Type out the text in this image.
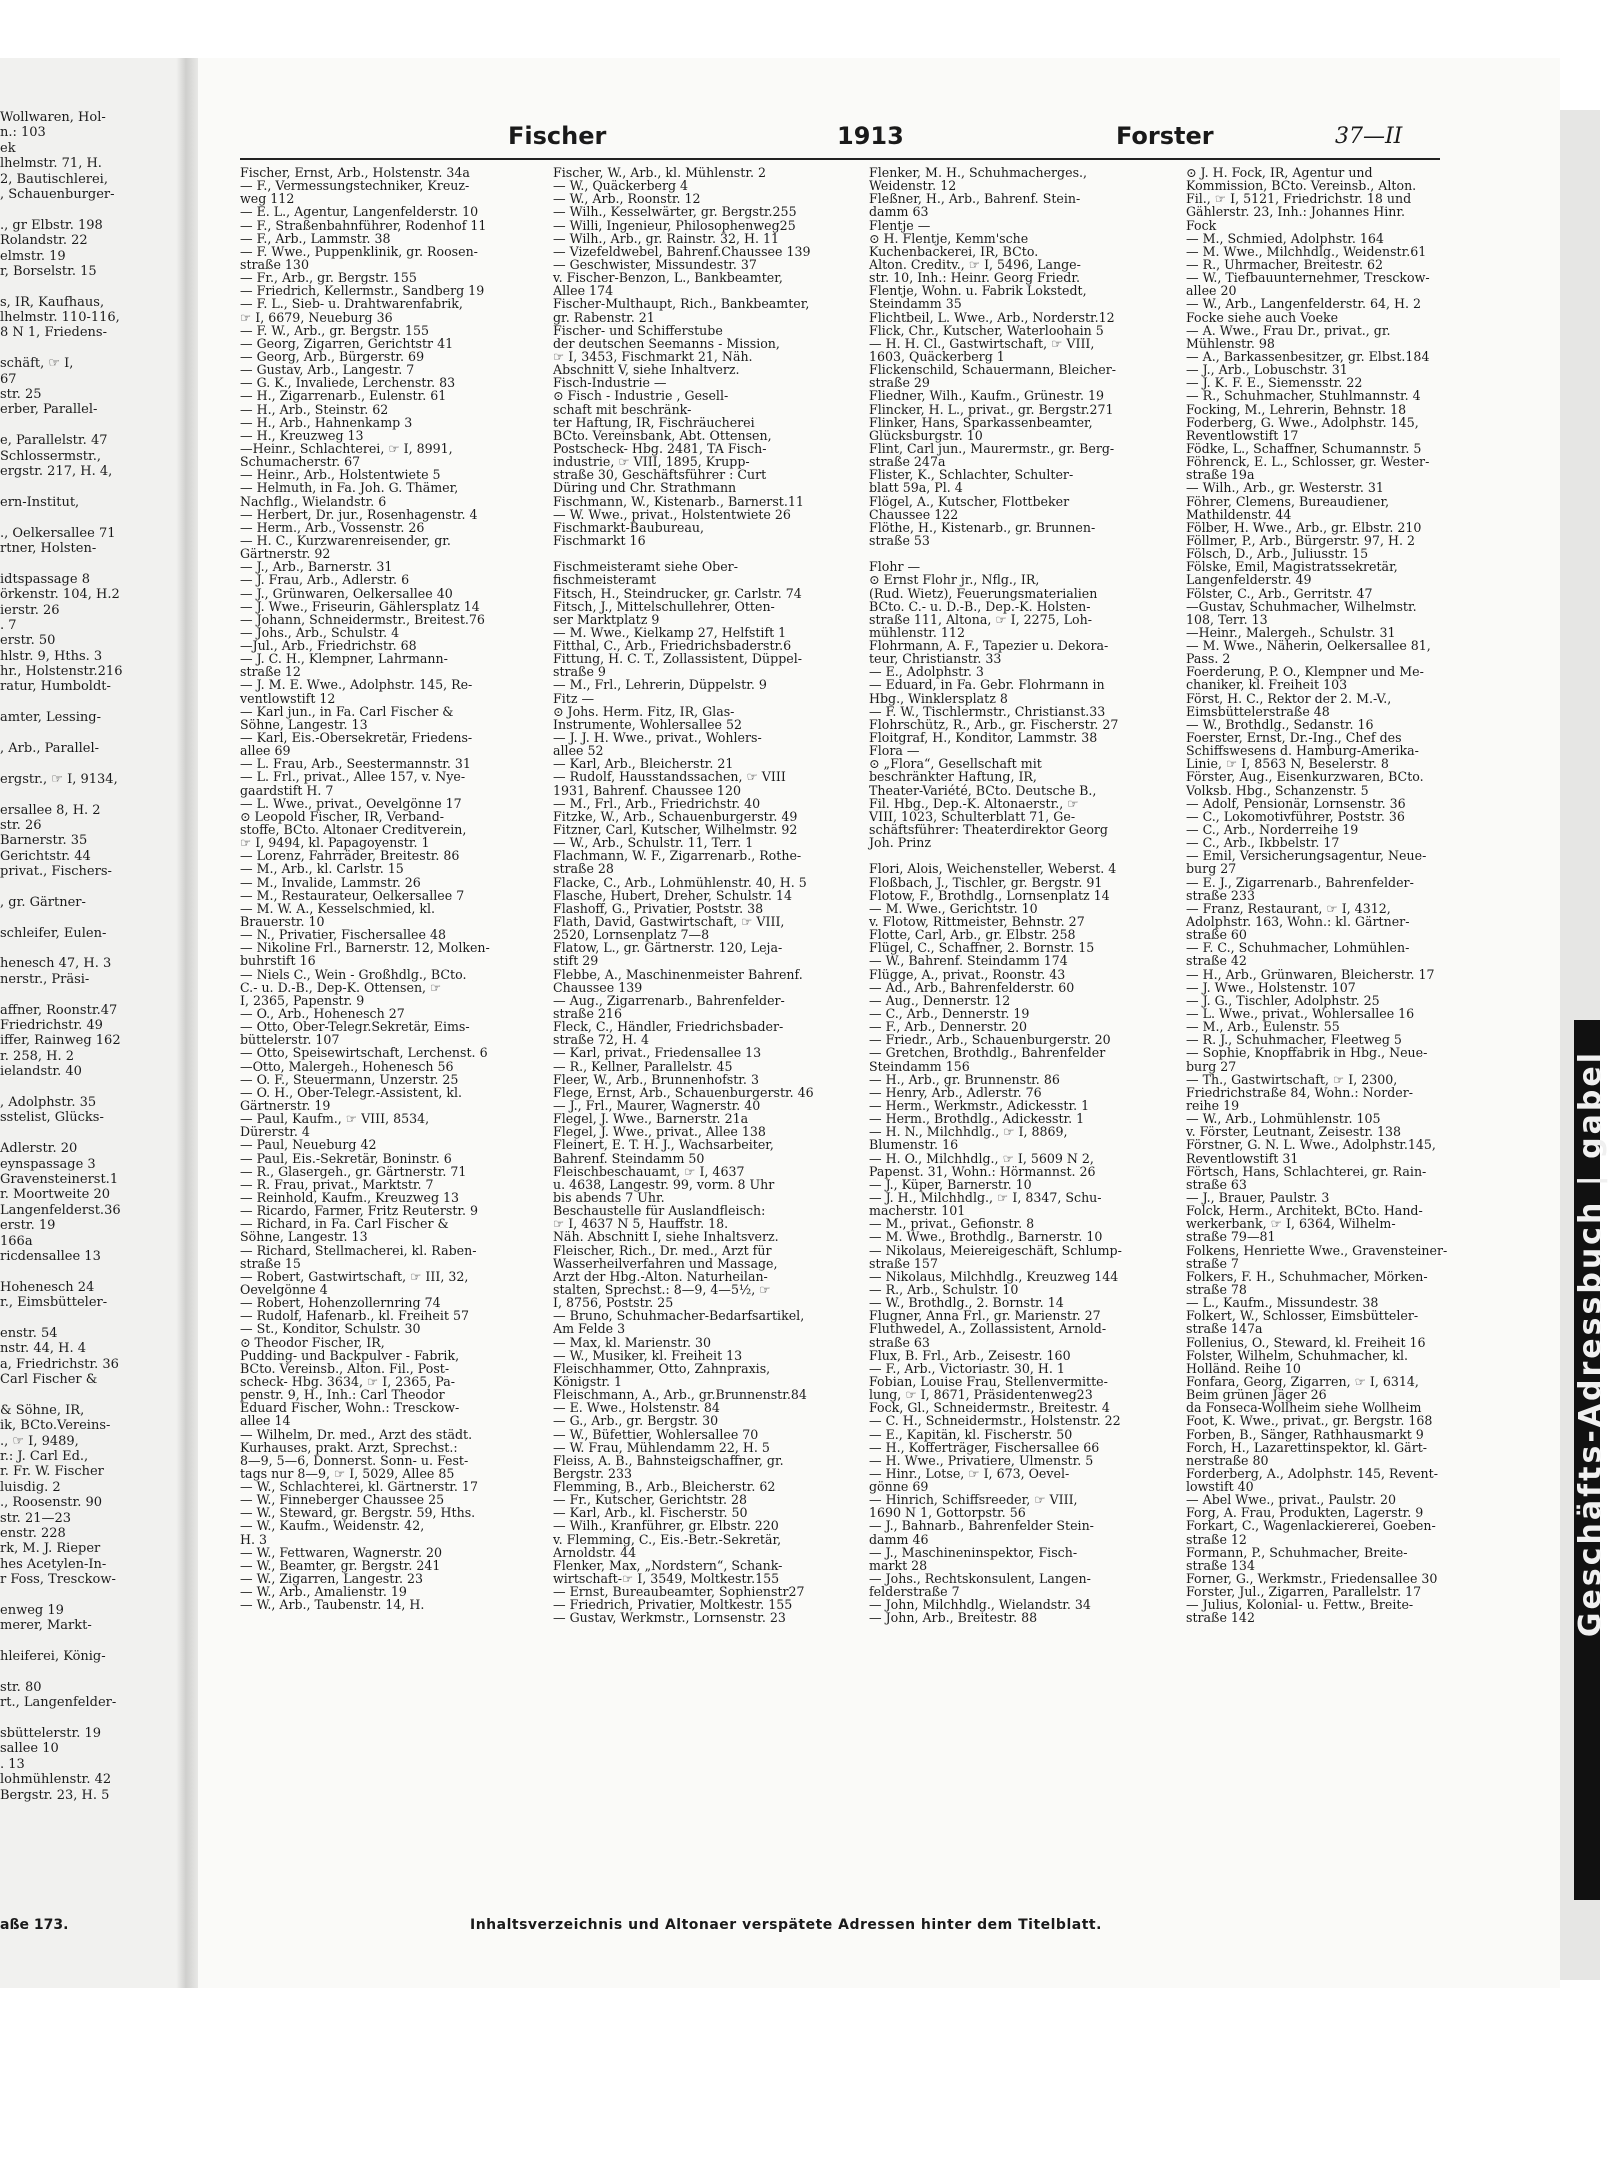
Geschäfts-Adressbuch | gabel
Wollwaren, Hol-
n.: 103
ek
lhelmstr. 71, H.
2, Bautischlerei,
, Schauenburger-
., gr Elbstr. 198
Rolandstr. 22
elmstr. 19
r, Borselstr. 15
s, IR, Kaufhaus,
lhelmstr. 110-116,
8 N 1, Friedens-
schäft, ☞ I,
67
str. 25
erber, Parallel-
e, Parallelstr. 47
Schlossermstr.,
ergstr. 217, H. 4,
ern-Institut,
., Oelkersallee 71
rtner, Holsten-
idtspassage 8
örkenstr. 104, H.2
ierstr. 26
. 7
erstr. 50
hlstr. 9, Hths. 3
hr., Holstenstr.216
ratur, Humboldt-
amter, Lessing-
, Arb., Parallel-
ergstr., ☞ I, 9134,
ersallee 8, H. 2
str. 26
Barnerstr. 35
Gerichtstr. 44
privat., Fischers-
, gr. Gärtner-
schleifer, Eulen-
henesch 47, H. 3
nerstr., Präsi-
affner, Roonstr.47
Friedrichstr. 49
iffer, Rainweg 162
r. 258, H. 2
ielandstr. 40
, Adolphstr. 35
sstelist, Glücks-
Adlerstr. 20
eynspassage 3
Gravensteinerst.1
r. Moortweite 20
Langenfelderst.36
erstr. 19
166a
ricdensallee 13
Hohenesch 24
r., Eimsbütteler-
enstr. 54
nstr. 44, H. 4
a, Friedrichstr. 36
Carl Fischer &
& Söhne, IR,
ik, BCto.Vereins-
., ☞ I, 9489,
r.: J. Carl Ed.,
r. Fr. W. Fischer
luisdig. 2
., Roosenstr. 90
str. 21—23
enstr. 228
rk, M. J. Rieper
hes Acetylen-In-
r Foss, Tresckow-
enweg 19
merer, Markt-
hleiferei, König-
str. 80
rt., Langenfelder-
sbüttelerstr. 19
sallee 10
. 13
lohmühlenstr. 42
Bergstr. 23, H. 5
aße 173.
Fischer	1913	Forster	37—II
Fischer, Ernst, Arb., Holstenstr. 34a
— F., Vermessungstechniker, Kreuz-
weg 112
— E. L., Agentur, Langenfelderstr. 10
— F., Straßenbahnführer, Rodenhof 11
— F., Arb., Lammstr. 38
— F. Wwe., Puppenklinik, gr. Roosen-
straße 130
— Fr., Arb., gr. Bergstr. 155
— Friedrich, Kellermstr., Sandberg 19
— F. L., Sieb- u. Drahtwarenfabrik,
☞ I, 6679, Neueburg 36
— F. W., Arb., gr. Bergstr. 155
— Georg, Zigarren, Gerichtstr 41
— Georg, Arb., Bürgerstr. 69
— Gustav, Arb., Langestr. 7
— G. K., Invaliede, Lerchenstr. 83
— H., Zigarrenarb., Eulenstr. 61
— H., Arb., Steinstr. 62
— H., Arb., Hahnenkamp 3
— H., Kreuzweg 13
—Heinr., Schlachterei, ☞ I, 8991,
Schumacherstr. 67
— Heinr., Arb., Holstentwiete 5
— Helmuth, in Fa. Joh. G. Thämer,
Nachflg., Wielandstr. 6
— Herbert, Dr. jur., Rosenhagenstr. 4
— Herm., Arb., Vossenstr. 26
— H. C., Kurzwarenreisender, gr.
Gärtnerstr. 92
— J., Arb., Barnerstr. 31
— J. Frau, Arb., Adlerstr. 6
— J., Grünwaren, Oelkersallee 40
— J. Wwe., Friseurin, Gählersplatz 14
— Johann, Schneidermstr., Breitest.76
— Johs., Arb., Schulstr. 4
—Jul., Arb., Friedrichstr. 68
— J. C. H., Klempner, Lahrmann-
straße 12
— J. M. E. Wwe., Adolphstr. 145, Re-
ventlowstift 12
— Karl jun., in Fa. Carl Fischer &
Söhne, Langestr. 13
— Karl, Eis.-Obersekretär, Friedens-
allee 69
— L. Frau, Arb., Seestermannstr. 31
— L. Frl., privat., Allee 157, v. Nye-
gaardstift H. 7
— L. Wwe., privat., Oevelgönne 17
⊙ Leopold Fischer, IR, Verband-
stoffe, BCto. Altonaer Creditverein,
☞ I, 9494, kl. Papagoyenstr. 1
— Lorenz, Fahrräder, Breitestr. 86
— M., Arb., kl. Carlstr. 15
— M., Invalide, Lammstr. 26
— M., Restaurateur, Oelkersallee 7
— M. W. A., Kesselschmied, kl.
Brauerstr. 10
— N., Privatier, Fischersallee 48
— Nikoline Frl., Barnerstr. 12, Molken-
buhrstift 16
— Niels C., Wein - Großhdlg., BCto.
C.- u. D.-B., Dep-K. Ottensen, ☞
I, 2365, Papenstr. 9
— O., Arb., Hohenesch 27
— Otto, Ober-Telegr.Sekretär, Eims-
büttelerstr. 107
— Otto, Speisewirtschaft, Lerchenst. 6
—Otto, Malergeh., Hohenesch 56
— O. F., Steuermann, Unzerstr. 25
— O. H., Ober-Telegr.-Assistent, kl.
Gärtnerstr. 19
— Paul, Kaufm., ☞ VIII, 8534,
Dürerstr. 4
— Paul, Neueburg 42
— Paul, Eis.-Sekretär, Boninstr. 6
— R., Glasergeh., gr. Gärtnerstr. 71
— R. Frau, privat., Marktstr. 7
— Reinhold, Kaufm., Kreuzweg 13
— Ricardo, Farmer, Fritz Reuterstr. 9
— Richard, in Fa. Carl Fischer &
Söhne, Langestr. 13
— Richard, Stellmacherei, kl. Raben-
straße 15
— Robert, Gastwirtschaft, ☞ III, 32,
Oevelgönne 4
— Robert, Hohenzollernring 74
— Rudolf, Hafenarb., kl. Freiheit 57
— St., Konditor, Schulstr. 30
⊙ Theodor Fischer, IR,
Pudding- und Backpulver - Fabrik,
BCto. Vereinsb., Alton. Fil., Post-
scheck- Hbg. 3634, ☞ I, 2365, Pa-
penstr. 9, H., Inh.: Carl Theodor
Eduard Fischer, Wohn.: Tresckow-
allee 14
— Wilhelm, Dr. med., Arzt des städt.
Kurhauses, prakt. Arzt, Sprechst.:
8—9, 5—6, Donnerst. Sonn- u. Fest-
tags nur 8—9, ☞ I, 5029, Allee 85
— W., Schlachterei, kl. Gärtnerstr. 17
— W., Finneberger Chaussee 25
— W., Steward, gr. Bergstr. 59, Hths.
— W., Kaufm., Weidenstr. 42,
H. 3
— W., Fettwaren, Wagnerstr. 20
— W., Beamter, gr. Bergstr. 241
— W., Zigarren, Langestr. 23
— W., Arb., Amalienstr. 19
— W., Arb., Taubenstr. 14, H.
Fischer, W., Arb., kl. Mühlenstr. 2
— W., Quäckerberg 4
— W., Arb., Roonstr. 12
— Wilh., Kesselwärter, gr. Bergstr.255
— Willi, Ingenieur, Philosophenweg25
— Wilh., Arb., gr. Rainstr. 32, H. 11
— Vizefeldwebel, Bahrenf.Chaussee 139
— Geschwister, Missundestr. 37
v. Fischer-Benzon, L., Bankbeamter,
Allee 174
Fischer-Multhaupt, Rich., Bankbeamter,
gr. Rabenstr. 21
Fischer- und Schifferstube
der deutschen Seemanns - Mission,
☞ I, 3453, Fischmarkt 21, Näh.
Abschnitt V, siehe Inhaltverz.
Fisch-Industrie —
⊙ Fisch - Industrie , Gesell-
schaft mit beschränk-
ter Haftung, IR, Fischräucherei
BCto. Vereinsbank, Abt. Ottensen,
Postscheck- Hbg. 2481, TA Fisch-
industrie, ☞ VIII, 1895, Krupp-
straße 30, Geschäftsführer : Curt
Düring und Chr. Strathmann
Fischmann, W., Kistenarb., Barnerst.11
— W. Wwe., privat., Holstentwiete 26
Fischmarkt-Baubureau,
Fischmarkt 16
Fischmeisteramt siehe Ober-
fischmeisteramt
Fitsch, H., Steindrucker, gr. Carlstr. 74
Fitsch, J., Mittelschullehrer, Otten-
ser Marktplatz 9
— M. Wwe., Kielkamp 27, Helfstift 1
Fitthal, C., Arb., Friedrichsbaderstr.6
Fittung, H. C. T., Zollassistent, Düppel-
straße 9
— M., Frl., Lehrerin, Düppelstr. 9
Fitz —
⊙ Johs. Herm. Fitz, IR, Glas-
Instrumente, Wohlersallee 52
— J. J. H. Wwe., privat., Wohlers-
allee 52
— Karl, Arb., Bleicherstr. 21
— Rudolf, Hausstandssachen, ☞ VIII
1931, Bahrenf. Chaussee 120
— M., Frl., Arb., Friedrichstr. 40
Fitzke, W., Arb., Schauenburgerstr. 49
Fitzner, Carl, Kutscher, Wilhelmstr. 92
— W., Arb., Schulstr. 11, Terr. 1
Flachmann, W. F., Zigarrenarb., Rothe-
straße 28
Flacke, C., Arb., Lohmühlenstr. 40, H. 5
Flasche, Hubert, Dreher, Schulstr. 14
Flashoff, G., Privatier, Poststr. 38
Flath, David, Gastwirtschaft, ☞ VIII,
2520, Lornsenplatz 7—8
Flatow, L., gr. Gärtnerstr. 120, Leja-
stift 29
Flebbe, A., Maschinenmeister Bahrenf.
Chaussee 139
— Aug., Zigarrenarb., Bahrenfelder-
straße 216
Fleck, C., Händler, Friedrichsbader-
straße 72, H. 4
— Karl, privat., Friedensallee 13
— R., Kellner, Parallelstr. 45
Fleer, W., Arb., Brunnenhofstr. 3
Flege, Ernst, Arb., Schauenburgerstr. 46
— J., Frl., Maurer, Wagnerstr. 40
Flegel, J. Wwe., Barnerstr. 21a
Flegel, J. Wwe., privat., Allee 138
Fleinert, E. T. H. J., Wachsarbeiter,
Bahrenf. Steindamm 50
Fleischbeschauamt, ☞ I, 4637
u. 4638, Langestr. 99, vorm. 8 Uhr
bis abends 7 Uhr.
Beschaustelle für Auslandfleisch:
☞ I, 4637 N 5, Hauffstr. 18.
Näh. Abschnitt I, siehe Inhaltsverz.
Fleischer, Rich., Dr. med., Arzt für
Wasserheilverfahren und Massage,
Arzt der Hbg.-Alton. Naturheilan-
stalten, Sprechst.: 8—9, 4—5½, ☞
I, 8756, Poststr. 25
— Bruno, Schuhmacher-Bedarfsartikel,
Am Felde 3
— Max, kl. Marienstr. 30
— W., Musiker, kl. Freiheit 13
Fleischhammer, Otto, Zahnpraxis,
Königstr. 1
Fleischmann, A., Arb., gr.Brunnenstr.84
— E. Wwe., Holstenstr. 84
— G., Arb., gr. Bergstr. 30
— W., Büfettier, Wohlersallee 70
— W. Frau, Mühlendamm 22, H. 5
Fleiss, A. B., Bahnsteigschaffner, gr.
Bergstr. 233
Flemming, B., Arb., Bleicherstr. 62
— Fr., Kutscher, Gerichtstr. 28
— Karl, Arb., kl. Fischerstr. 50
— Wilh., Kranführer, gr. Elbstr. 220
v. Flemming, C., Eis.-Betr.-Sekretär,
Arnoldstr. 44
Flenker, Max, „Nordstern“, Schank-
wirtschaft-☞ I, 3549, Moltkestr.155
— Ernst, Bureaubeamter, Sophienstr27
— Friedrich, Privatier, Moltkestr. 155
— Gustav, Werkmstr., Lornsenstr. 23
Flenker, M. H., Schuhmacherges.,
Weidenstr. 12
Fleßner, H., Arb., Bahrenf. Stein-
damm 63
Flentje —
⊙ H. Flentje, Kemm'sche
Kuchenbackerei, IR, BCto.
Alton. Creditv., ☞ I, 5496, Lange-
str. 10, Inh.: Heinr. Georg Friedr.
Flentje, Wohn. u. Fabrik Lokstedt,
Steindamm 35
Flichtbeil, L. Wwe., Arb., Norderstr.12
Flick, Chr., Kutscher, Waterloohain 5
— H. H. Cl., Gastwirtschaft, ☞ VIII,
1603, Quäckerberg 1
Flickenschild, Schauermann, Bleicher-
straße 29
Fliedner, Wilh., Kaufm., Grünestr. 19
Flincker, H. L., privat., gr. Bergstr.271
Flinker, Hans, Sparkassenbeamter,
Glücksburgstr. 10
Flint, Carl jun., Maurermstr., gr. Berg-
straße 247a
Flister, K., Schlachter, Schulter-
blatt 59a, Pl. 4
Flögel, A., Kutscher, Flottbeker
Chaussee 122
Flöthe, H., Kistenarb., gr. Brunnen-
straße 53
Flohr —
⊙ Ernst Flohr jr., Nflg., IR,
(Rud. Wietz), Feuerungsmaterialien
BCto. C.- u. D.-B., Dep.-K. Holsten-
straße 111, Altona, ☞ I, 2275, Loh-
mühlenstr. 112
Flohrmann, A. F., Tapezier u. Dekora-
teur, Christianstr. 33
— E., Adolphstr. 3
— Eduard, in Fa. Gebr. Flohrmann in
Hbg., Winklersplatz 8
— F. W., Tischlermstr., Christianst.33
Flohrschütz, R., Arb., gr. Fischerstr. 27
Floitgraf, H., Konditor, Lammstr. 38
Flora —
⊙ „Flora“, Gesellschaft mit
beschränkter Haftung, IR,
Theater-Variété, BCto. Deutsche B.,
Fil. Hbg., Dep.-K. Altonaerstr., ☞
VIII, 1023, Schulterblatt 71, Ge-
schäftsführer: Theaterdirektor Georg
Joh. Prinz
Flori, Alois, Weichensteller, Weberst. 4
Floßbach, J., Tischler, gr. Bergstr. 91
Flotow, F., Brothdlg., Lornsenplatz 14
— M. Wwe., Gerichtstr. 10
v. Flotow, Rittmeister, Behnstr. 27
Flotte, Carl, Arb., gr. Elbstr. 258
Flügel, C., Schaffner, 2. Bornstr. 15
— W., Bahrenf. Steindamm 174
Flügge, A., privat., Roonstr. 43
— Ad., Arb., Bahrenfelderstr. 60
— Aug., Dennerstr. 12
— C., Arb., Dennerstr. 19
— F., Arb., Dennerstr. 20
— Friedr., Arb., Schauenburgerstr. 20
— Gretchen, Brothdlg., Bahrenfelder
Steindamm 156
— H., Arb., gr. Brunnenstr. 86
— Henry, Arb., Adlerstr. 76
— Herm., Werkmstr., Adickesstr. 1
— Herm., Brothdlg., Adickesstr. 1
— H. N., Milchhdlg., ☞ I, 8869,
Blumenstr. 16
— H. O., Milchhdlg., ☞ I, 5609 N 2,
Papenst. 31, Wohn.: Hörmannst. 26
— J., Küper, Barnerstr. 10
— J. H., Milchhdlg., ☞ I, 8347, Schu-
macherstr. 101
— M., privat., Gefionstr. 8
— M. Wwe., Brothdlg., Barnerstr. 10
— Nikolaus, Meiereigeschäft, Schlump-
straße 157
— Nikolaus, Milchhdlg., Kreuzweg 144
— R., Arb., Schulstr. 10
— W., Brothdlg., 2. Bornstr. 14
Flugner, Anna Frl., gr. Marienstr. 27
Fluthwedel, A., Zollassistent, Arnold-
straße 63
Flux, B. Frl., Arb., Zeisestr. 160
— F., Arb., Victoriastr. 30, H. 1
Fobian, Louise Frau, Stellenvermitte-
lung, ☞ I, 8671, Präsidentenweg23
Fock, Gl., Schneidermstr., Breitestr. 4
— C. H., Schneidermstr., Holstenstr. 22
— E., Kapitän, kl. Fischerstr. 50
— H., Kofferträger, Fischersallee 66
— H. Wwe., Privatiere, Ulmenstr. 5
— Hinr., Lotse, ☞ I, 673, Oevel-
gönne 69
— Hinrich, Schiffsreeder, ☞ VIII,
1690 N 1, Gottorpstr. 56
— J., Bahnarb., Bahrenfelder Stein-
damm 46
— J., Maschineninspektor, Fisch-
markt 28
— Johs., Rechtskonsulent, Langen-
felderstraße 7
— John, Milchhdlg., Wielandstr. 34
— John, Arb., Breitestr. 88
⊙ J. H. Fock, IR, Agentur und
Kommission, BCto. Vereinsb., Alton.
Fil., ☞ I, 5121, Friedrichstr. 18 und
Gählerstr. 23, Inh.: Johannes Hinr.
Fock
— M., Schmied, Adolphstr. 164
— M. Wwe., Milchhdlg., Weidenstr.61
— R., Uhrmacher, Breitestr. 62
— W., Tiefbauunternehmer, Tresckow-
allee 20
— W., Arb., Langenfelderstr. 64, H. 2
Focke siehe auch Voeke
— A. Wwe., Frau Dr., privat., gr.
Mühlenstr. 98
— A., Barkassenbesitzer, gr. Elbst.184
— J., Arb., Lobuschstr. 31
— J. K. F. E., Siemensstr. 22
— R., Schuhmacher, Stuhlmannstr. 4
Focking, M., Lehrerin, Behnstr. 18
Foderberg, G. Wwe., Adolphstr. 145,
Reventlowstift 17
Födke, L., Schaffner, Schumannstr. 5
Föhrenck, E. L., Schlosser, gr. Wester-
straße 19a
— Wilh., Arb., gr. Westerstr. 31
Föhrer, Clemens, Bureaudiener,
Mathildenstr. 44
Fölber, H. Wwe., Arb., gr. Elbstr. 210
Föllmer, P., Arb., Bürgerstr. 97, H. 2
Fölsch, D., Arb., Juliusstr. 15
Fölske, Emil, Magistratssekretär,
Langenfelderstr. 49
Fölster, C., Arb., Gerritstr. 47
—Gustav, Schuhmacher, Wilhelmstr.
108, Terr. 13
—Heinr., Malergeh., Schulstr. 31
— M. Wwe., Näherin, Oelkersallee 81,
Pass. 2
Foerderung, P. O., Klempner und Me-
chaniker, kl. Freiheit 103
Först, H. C., Rektor der 2. M.-V.,
Eimsbüttelerstraße 48
— W., Brothdlg., Sedanstr. 16
Foerster, Ernst, Dr.-Ing., Chef des
Schiffswesens d. Hamburg-Amerika-
Linie, ☞ I, 8563 N, Beselerstr. 8
Förster, Aug., Eisenkurzwaren, BCto.
Volksb. Hbg., Schanzenstr. 5
— Adolf, Pensionär, Lornsenstr. 36
— C., Lokomotivführer, Poststr. 36
— C., Arb., Norderreihe 19
— C., Arb., Ikbbelstr. 17
— Emil, Versicherungsagentur, Neue-
burg 27
— E. J., Zigarrenarb., Bahrenfelder-
straße 233
— Franz, Restaurant, ☞ I, 4312,
Adolphstr. 163, Wohn.: kl. Gärtner-
straße 60
— F. C., Schuhmacher, Lohmühlen-
straße 42
— H., Arb., Grünwaren, Bleicherstr. 17
— J. Wwe., Holstenstr. 107
— J. G., Tischler, Adolphstr. 25
— L. Wwe., privat., Wohlersallee 16
— M., Arb., Eulenstr. 55
— R. J., Schuhmacher, Fleetweg 5
— Sophie, Knopffabrik in Hbg., Neue-
burg 27
— Th., Gastwirtschaft, ☞ I, 2300,
Friedrichstraße 84, Wohn.: Norder-
reihe 19
— W., Arb., Lohmühlenstr. 105
v. Förster, Leutnant, Zeisestr. 138
Förstner, G. N. L. Wwe., Adolphstr.145,
Reventlowstift 31
Förtsch, Hans, Schlachterei, gr. Rain-
straße 63
— J., Brauer, Paulstr. 3
Folck, Herm., Architekt, BCto. Hand-
werkerbank, ☞ I, 6364, Wilhelm-
straße 79—81
Folkens, Henriette Wwe., Gravensteiner-
straße 7
Folkers, F. H., Schuhmacher, Mörken-
straße 78
— L., Kaufm., Missundestr. 38
Folkert, W., Schlosser, Eimsbütteler-
straße 147a
Follenius, O., Steward, kl. Freiheit 16
Folster, Wilhelm, Schuhmacher, kl.
Holländ. Reihe 10
Fonfara, Georg, Zigarren, ☞ I, 6314,
Beim grünen Jäger 26
da Fonseca-Wollheim siehe Wollheim
Foot, K. Wwe., privat., gr. Bergstr. 168
Forben, B., Sänger, Rathhausmarkt 9
Forch, H., Lazarettinspektor, kl. Gärt-
nerstraße 80
Forderberg, A., Adolphstr. 145, Revent-
lowstift 40
— Abel Wwe., privat., Paulstr. 20
Forg, A. Frau, Produkten, Lagerstr. 9
Forkart, C., Wagenlackiererei, Goeben-
straße 12
Formann, P., Schuhmacher, Breite-
straße 134
Forner, G., Werkmstr., Friedensallee 30
Forster, Jul., Zigarren, Parallelstr. 17
— Julius, Kolonial- u. Fettw., Breite-
straße 142
Inhaltsverzeichnis und Altonaer verspätete Adressen hinter dem Titelblatt.
